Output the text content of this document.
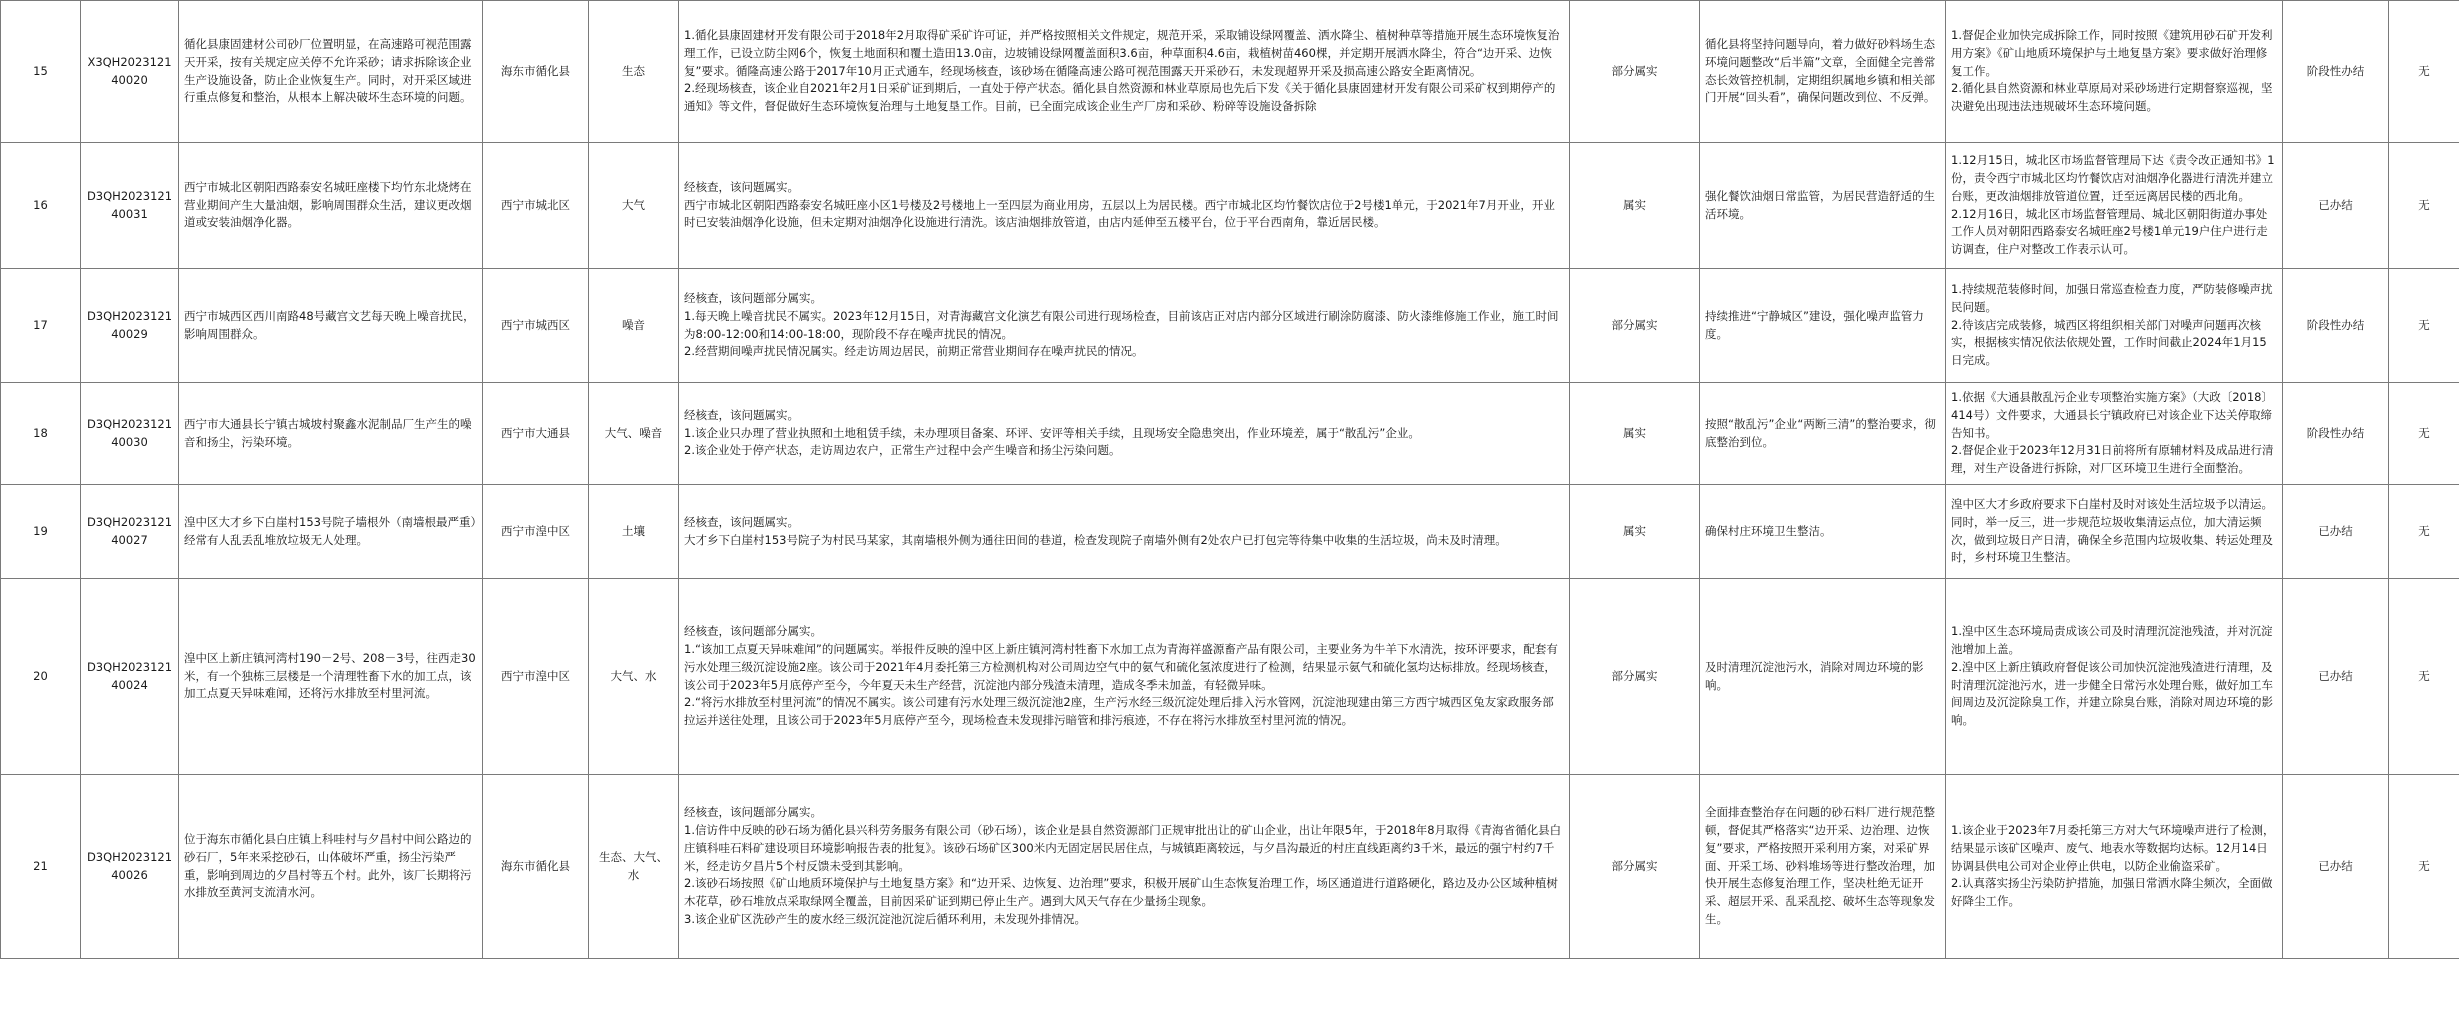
15	X3QH202312140020	循化县康固建材公司砂厂位置明显，在高速路可视范围露天开采，按有关规定应关停不允许采砂；请求拆除该企业生产设施设备，防止企业恢复生产。同时，对开采区域进行重点修复和整治，从根本上解决破坏生态环境的问题。	海东市循化县	生态	1.循化县康固建材开发有限公司于2018年2月取得矿采矿许可证，并严格按照相关文件规定，规范开采，采取铺设绿网覆盖、洒水降尘、植树种草等措施开展生态环境恢复治理工作，已设立防尘网6个，恢复土地面积和覆土造田13.0亩，边坡铺设绿网覆盖面积3.6亩，种草面积4.6亩，栽植树苗460棵，并定期开展洒水降尘，符合“边开采、边恢复”要求。循隆高速公路于2017年10月正式通车，经现场核查，该砂场在循隆高速公路可视范围露天开采砂石，未发现超界开采及损高速公路安全距离情况。
2.经现场核查，该企业自2021年2月1日采矿证到期后，一直处于停产状态。循化县自然资源和林业草原局也先后下发《关于循化县康固建材开发有限公司采矿权到期停产的通知》等文件，督促做好生态环境恢复治理与土地复垦工作。目前，已全面完成该企业生产厂房和采砂、粉碎等设施设备拆除	部分属实	循化县将坚持问题导向，着力做好砂料场生态环境问题整改“后半篇”文章，全面健全完善常态长效管控机制，定期组织属地乡镇和相关部门开展“回头看”，确保问题改到位、不反弹。	1.督促企业加快完成拆除工作，同时按照《建筑用砂石矿开发利用方案》《矿山地质环境保护与土地复垦方案》要求做好治理修复工作。
2.循化县自然资源和林业草原局对采砂场进行定期督察巡视，坚决避免出现违法违规破坏生态环境问题。	阶段性办结	无
16	D3QH202312140031	西宁市城北区朝阳西路泰安名城旺座楼下均竹东北烧烤在营业期间产生大量油烟，影响周围群众生活，建议更改烟道或安装油烟净化器。	西宁市城北区	大气	经核查，该问题属实。
西宁市城北区朝阳西路泰安名城旺座小区1号楼及2号楼地上一至四层为商业用房，五层以上为居民楼。西宁市城北区均竹餐饮店位于2号楼1单元，于2021年7月开业，开业时已安装油烟净化设施，但未定期对油烟净化设施进行清洗。该店油烟排放管道，由店内延伸至五楼平台，位于平台西南角，靠近居民楼。	属实	强化餐饮油烟日常监管，为居民营造舒适的生活环境。	1.12月15日，城北区市场监督管理局下达《责令改正通知书》1份，责令西宁市城北区均竹餐饮店对油烟净化器进行清洗并建立台账，更改油烟排放管道位置，迁至远离居民楼的西北角。
2.12月16日，城北区市场监督管理局、城北区朝阳街道办事处工作人员对朝阳西路泰安名城旺座2号楼1单元19户住户进行走访调查，住户对整改工作表示认可。	已办结	无
17	D3QH202312140029	西宁市城西区西川南路48号藏宫文艺每天晚上噪音扰民，影响周围群众。	西宁市城西区	噪音	经核查，该问题部分属实。
1.每天晚上噪音扰民不属实。2023年12月15日，对青海藏宫文化演艺有限公司进行现场检查，目前该店正对店内部分区域进行刷涂防腐漆、防火漆维修施工作业，施工时间为8:00-12:00和14:00-18:00，现阶段不存在噪声扰民的情况。
2.经营期间噪声扰民情况属实。经走访周边居民，前期正常营业期间存在噪声扰民的情况。	部分属实	持续推进“宁静城区”建设，强化噪声监管力度。	1.持续规范装修时间，加强日常巡查检查力度，严防装修噪声扰民问题。
2.待该店完成装修，城西区将组织相关部门对噪声问题再次核实，根据核实情况依法依规处置，工作时间截止2024年1月15日完成。	阶段性办结	无
18	D3QH202312140030	西宁市大通县长宁镇古城坡村聚鑫水泥制品厂生产生的噪音和扬尘，污染环境。	西宁市大通县	大气、噪音	经核查，该问题属实。
1.该企业只办理了营业执照和土地租赁手续，未办理项目备案、环评、安评等相关手续，且现场安全隐患突出，作业环境差，属于“散乱污”企业。
2.该企业处于停产状态，走访周边农户，正常生产过程中会产生噪音和扬尘污染问题。	属实	按照“散乱污”企业“两断三清”的整治要求，彻底整治到位。	1.依据《大通县散乱污企业专项整治实施方案》（大政〔2018〕414号）文件要求，大通县长宁镇政府已对该企业下达关停取缔告知书。
2.督促企业于2023年12月31日前将所有原辅材料及成品进行清理，对生产设备进行拆除，对厂区环境卫生进行全面整治。	阶段性办结	无
19	D3QH202312140027	湟中区大才乡下白崖村153号院子墙根外（南墙根最严重）经常有人乱丢乱堆放垃圾无人处理。	西宁市湟中区	土壤	经核查，该问题属实。
大才乡下白崖村153号院子为村民马某家，其南墙根外侧为通往田间的巷道，检查发现院子南墙外侧有2处农户已打包完等待集中收集的生活垃圾，尚未及时清理。	属实	确保村庄环境卫生整洁。	湟中区大才乡政府要求下白崖村及时对该处生活垃圾予以清运。同时，举一反三，进一步规范垃圾收集清运点位，加大清运频次，做到垃圾日产日清，确保全乡范围内垃圾收集、转运处理及时，乡村环境卫生整洁。	已办结	无
20	D3QH202312140024	湟中区上新庄镇河湾村190－2号、208－3号，往西走30米，有一个独栋三层楼是一个清理牲畜下水的加工点，该加工点夏天异味难闻，还将污水排放至村里河流。	西宁市湟中区	大气、水	经核查，该问题部分属实。
1.“该加工点夏天异味难闻”的问题属实。举报件反映的湟中区上新庄镇河湾村牲畜下水加工点为青海祥盛源畜产品有限公司，主要业务为牛羊下水清洗，按环评要求，配套有污水处理三级沉淀设施2座。该公司于2021年4月委托第三方检测机构对公司周边空气中的氨气和硫化氢浓度进行了检测，结果显示氨气和硫化氢均达标排放。经现场核查，该公司于2023年5月底停产至今，今年夏天未生产经营，沉淀池内部分残渣未清理，造成冬季未加盖，有轻微异味。
2.“将污水排放至村里河流”的情况不属实。该公司建有污水处理三级沉淀池2座，生产污水经三级沉淀处理后排入污水管网，沉淀池现建由第三方西宁城西区兔友家政服务部拉运并送往处理，且该公司于2023年5月底停产至今，现场检查未发现排污暗管和排污痕迹，不存在将污水排放至村里河流的情况。	部分属实	及时清理沉淀池污水，消除对周边环境的影响。	1.湟中区生态环境局责成该公司及时清理沉淀池残渣，并对沉淀池增加上盖。
2.湟中区上新庄镇政府督促该公司加快沉淀池残渣进行清理，及时清理沉淀池污水，进一步健全日常污水处理台账，做好加工车间周边及沉淀除臭工作，并建立除臭台账，消除对周边环境的影响。	已办结	无
21	D3QH202312140026	位于海东市循化县白庄镇上科哇村与夕昌村中间公路边的砂石厂，5年来采挖砂石，山体破坏严重，扬尘污染严重，影响到周边的夕昌村等五个村。此外，该厂长期将污水排放至黄河支流清水河。	海东市循化县	生态、大气、水	经核查，该问题部分属实。
1.信访件中反映的砂石场为循化县兴科劳务服务有限公司（砂石场），该企业是县自然资源部门正规审批出让的矿山企业，出让年限5年，于2018年8月取得《青海省循化县白庄镇科哇石料矿建设项目环境影响报告表的批复》。该砂石场矿区300米内无固定居民居住点，与城镇距离较远，与夕昌沟最近的村庄直线距离约3千米，最远的强宁村约7千米，经走访夕昌片5个村反馈未受到其影响。
2.该砂石场按照《矿山地质环境保护与土地复垦方案》和“边开采、边恢复、边治理”要求，积极开展矿山生态恢复治理工作，场区通道进行道路硬化，路边及办公区域种植树木花草，砂石堆放点采取绿网全覆盖，目前因采矿证到期已停止生产。遇到大风天气存在少量扬尘现象。
3.该企业矿区洗砂产生的废水经三级沉淀池沉淀后循环利用，未发现外排情况。	部分属实	全面排查整治存在问题的砂石料厂进行规范整顿，督促其严格落实“边开采、边治理、边恢复”要求，严格按照开采利用方案，对采矿界面、开采工场、砂料堆场等进行整改治理，加快开展生态修复治理工作，坚决杜绝无证开采、超层开采、乱采乱挖、破坏生态等现象发生。	1.该企业于2023年7月委托第三方对大气环境噪声进行了检测，结果显示该矿区噪声、废气、地表水等数据均达标。12月14日协调县供电公司对企业停止供电，以防企业偷盗采矿。
2.认真落实扬尘污染防护措施，加强日常洒水降尘频次，全面做好降尘工作。	已办结	无
